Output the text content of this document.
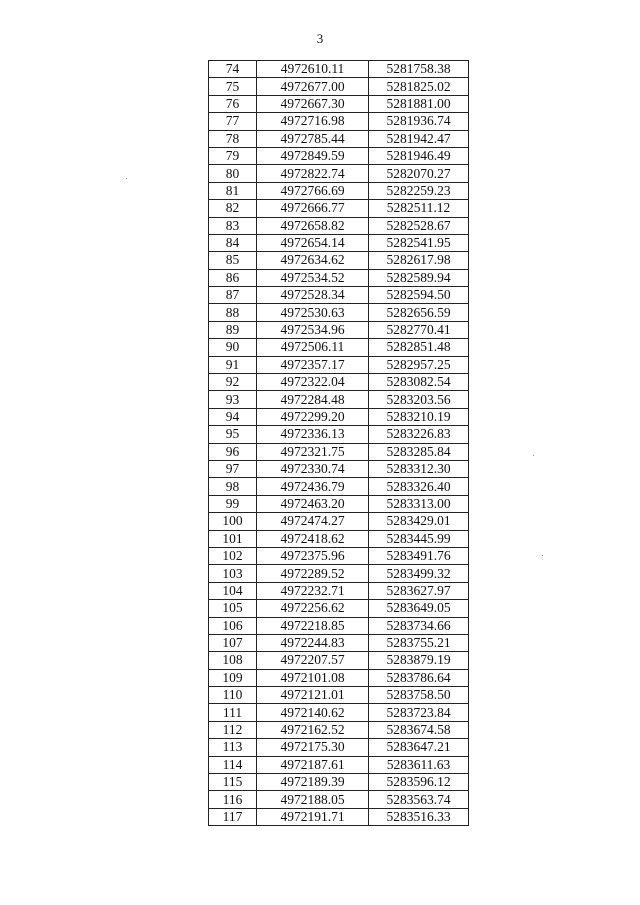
3
74	4972610.11	5281758.38
75	4972677.00	5281825.02
76	4972667.30	5281881.00
77	4972716.98	5281936.74
78	4972785.44	5281942.47
79	4972849.59	5281946.49
80	4972822.74	5282070.27
81	4972766.69	5282259.23
82	4972666.77	5282511.12
83	4972658.82	5282528.67
84	4972654.14	5282541.95
85	4972634.62	5282617.98
86	4972534.52	5282589.94
87	4972528.34	5282594.50
88	4972530.63	5282656.59
89	4972534.96	5282770.41
90	4972506.11	5282851.48
91	4972357.17	5282957.25
92	4972322.04	5283082.54
93	4972284.48	5283203.56
94	4972299.20	5283210.19
95	4972336.13	5283226.83
96	4972321.75	5283285.84
97	4972330.74	5283312.30
98	4972436.79	5283326.40
99	4972463.20	5283313.00
100	4972474.27	5283429.01
101	4972418.62	5283445.99
102	4972375.96	5283491.76
103	4972289.52	5283499.32
104	4972232.71	5283627.97
105	4972256.62	5283649.05
106	4972218.85	5283734.66
107	4972244.83	5283755.21
108	4972207.57	5283879.19
109	4972101.08	5283786.64
110	4972121.01	5283758.50
111	4972140.62	5283723.84
112	4972162.52	5283674.58
113	4972175.30	5283647.21
114	4972187.61	5283611.63
115	4972189.39	5283596.12
116	4972188.05	5283563.74
117	4972191.71	5283516.33
